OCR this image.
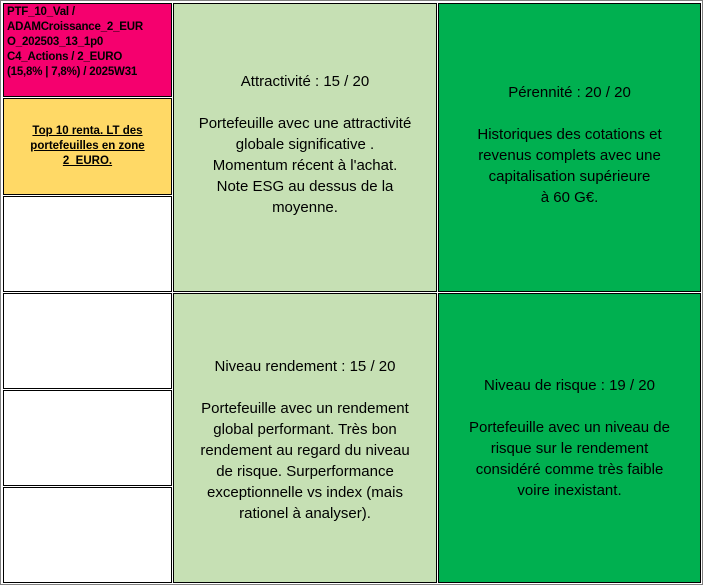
PTF_10_Val /
ADAMCroissance_2_EUR
O_202503_13_1p0
C4_Actions / 2_EURO
(15,8% | 7,8%) / 2025W31
Top 10 renta. LT des
portefeuilles en zone
2_EURO.
Attractivité : 15 / 20
Portefeuille avec une attractivité
globale significative .
Momentum récent à l'achat.
Note ESG au dessus de la
moyenne.
Pérennité : 20 / 20
Historiques des cotations et
revenus complets avec une
capitalisation supérieure
à 60 G€.
Niveau rendement : 15 / 20
Portefeuille avec un rendement
global performant. Très bon
rendement au regard du niveau
de risque. Surperformance
exceptionnelle vs index (mais
rationel à analyser).
Niveau de risque : 19 / 20
Portefeuille avec un niveau de
risque sur le rendement
considéré comme très faible
voire inexistant.
